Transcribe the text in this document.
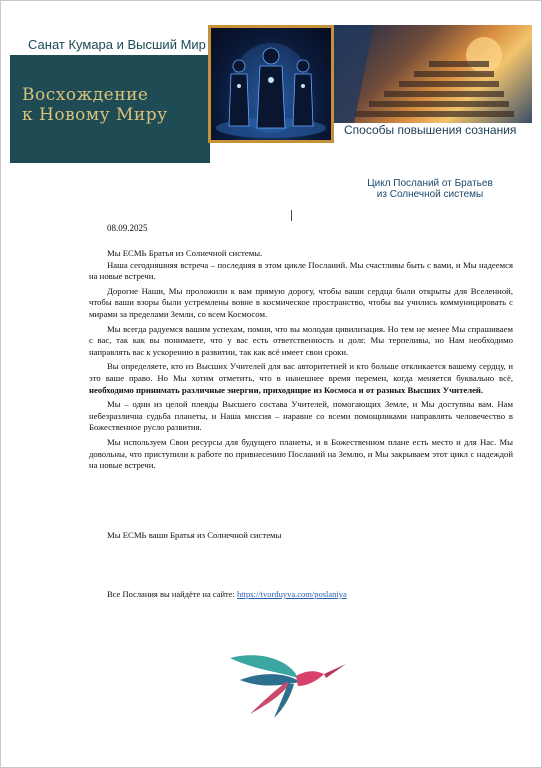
Санат Кумара и Высший Мир
Восхождение
к Новому Миру
Способы повышения сознания
Цикл Посланий от Братьев
из Солнечной системы
08.09.2025

Мы ЕСМЬ Братья из Солнечной системы.

Наша сегодняшняя встреча – последняя в этом цикле Посланий. Мы счастливы быть с вами, и Мы надеемся на новые встречи.

Дорогие Наши, Мы проложили к вам прямую дорогу, чтобы ваши сердца были открыты для Вселенной, чтобы ваши взоры были устремлены вовне в космическое пространство, чтобы вы учились коммуницировать с мирами за пределами Земли, со всем Космосом.

Мы всегда радуемся вашим успехам, помня, что вы молодая цивилизация. Но тем не менее Мы спрашиваем с вас, так как вы понимаете, что у вас есть ответственность и долг. Мы терпеливы, но Нам необходимо направлять вас к ускорению в развитии, так как всё имеет свои сроки.

Вы определяете, кто из Высших Учителей для вас авторитетней и кто больше откликается вашему сердцу, и это ваше право. Но Мы хотим отметить, что в нынешнее время перемен, когда меняется буквально всё, необходимо принимать различные энергии, приходящие из Космоса и от разных Высших Учителей.

Мы – одни из целой плеяды Высшего состава Учителей, помогающих Земле, и Мы доступны вам. Нам небезразлична судьба планеты, и Наша миссия – наравне со всеми помощниками направлять человечество в Божественное русло развития.

Мы используем Свои ресурсы для будущего планеты, и в Божественном плане есть место и для Нас. Мы довольны, что приступили к работе по привнесению Посланий на Землю, и Мы закрываем этот цикл с надеждой на новые встречи.

Мы ЕСМЬ ваши Братья из Солнечной системы
Все Послания вы найдёте на сайте: https://tvorduyva.com/poslaniya
